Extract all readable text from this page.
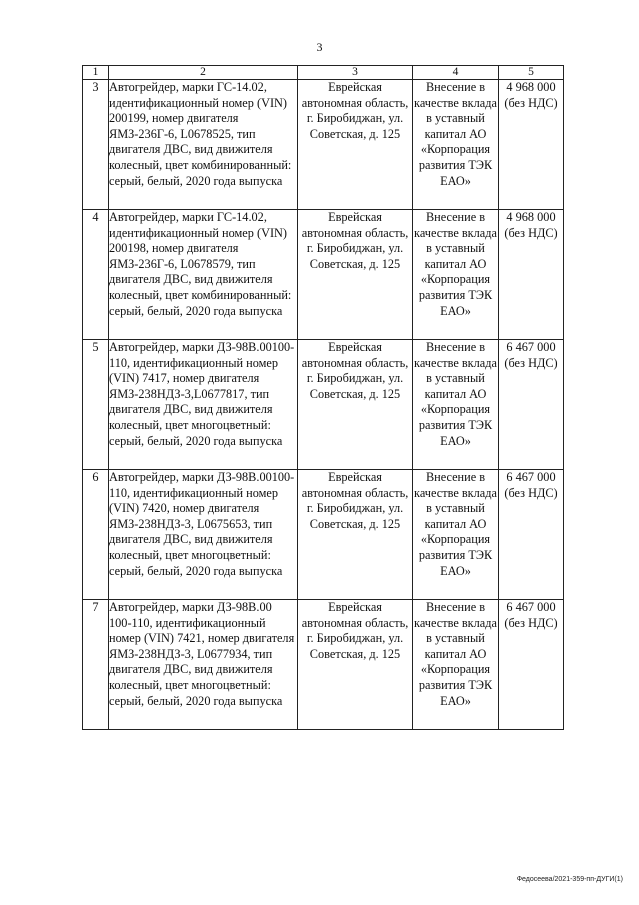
3
1	2	3	4	5
3	Автогрейдер, марки ГС-14.02, идентификационный номер (VIN) 200199, номер двигателя ЯМЗ-236Г-6, L0678525, тип двигателя ДВС, вид движителя колесный, цвет комбинированный: серый, белый, 2020 года выпуска	Еврейская автономная область, г. Биробиджан, ул. Советская, д. 125	Внесение в качестве вклада в уставный капитал АО «Корпорация развития ТЭК ЕАО»	4 968 000 (без НДС)
4	Автогрейдер, марки ГС-14.02, идентификационный номер (VIN) 200198, номер двигателя ЯМЗ-236Г-6, L0678579, тип двигателя ДВС, вид движителя колесный, цвет комбинированный: серый, белый, 2020 года выпуска	Еврейская автономная область, г. Биробиджан, ул. Советская, д. 125	Внесение в качестве вклада в уставный капитал АО «Корпорация развития ТЭК ЕАО»	4 968 000 (без НДС)
5	Автогрейдер, марки ДЗ-98В.00100-110, идентификационный номер (VIN) 7417, номер двигателя ЯМЗ-238НДЗ-3,L0677817, тип двигателя ДВС, вид движителя колесный, цвет многоцветный: серый, белый, 2020 года выпуска	Еврейская автономная область, г. Биробиджан, ул. Советская, д. 125	Внесение в качестве вклада в уставный капитал АО «Корпорация развития ТЭК ЕАО»	6 467 000 (без НДС)
6	Автогрейдер, марки ДЗ-98В.00100-110, идентификационный номер (VIN) 7420, номер двигателя ЯМЗ-238НДЗ-3, L0675653, тип двигателя ДВС, вид движителя колесный, цвет многоцветный: серый, белый, 2020 года выпуска	Еврейская автономная область, г. Биробиджан, ул. Советская, д. 125	Внесение в качестве вклада в уставный капитал АО «Корпорация развития ТЭК ЕАО»	6 467 000 (без НДС)
7	Автогрейдер, марки ДЗ-98В.00 100-110, идентификационный номер (VIN) 7421, номер двигателя ЯМЗ-238НДЗ-3, L0677934, тип двигателя ДВС, вид движителя колесный, цвет многоцветный: серый, белый, 2020 года выпуска	Еврейская автономная область, г. Биробиджан, ул. Советская, д. 125	Внесение в качестве вклада в уставный капитал АО «Корпорация развития ТЭК ЕАО»	6 467 000 (без НДС)
Федосеева/2021-359-пп-ДУГИ(1)
